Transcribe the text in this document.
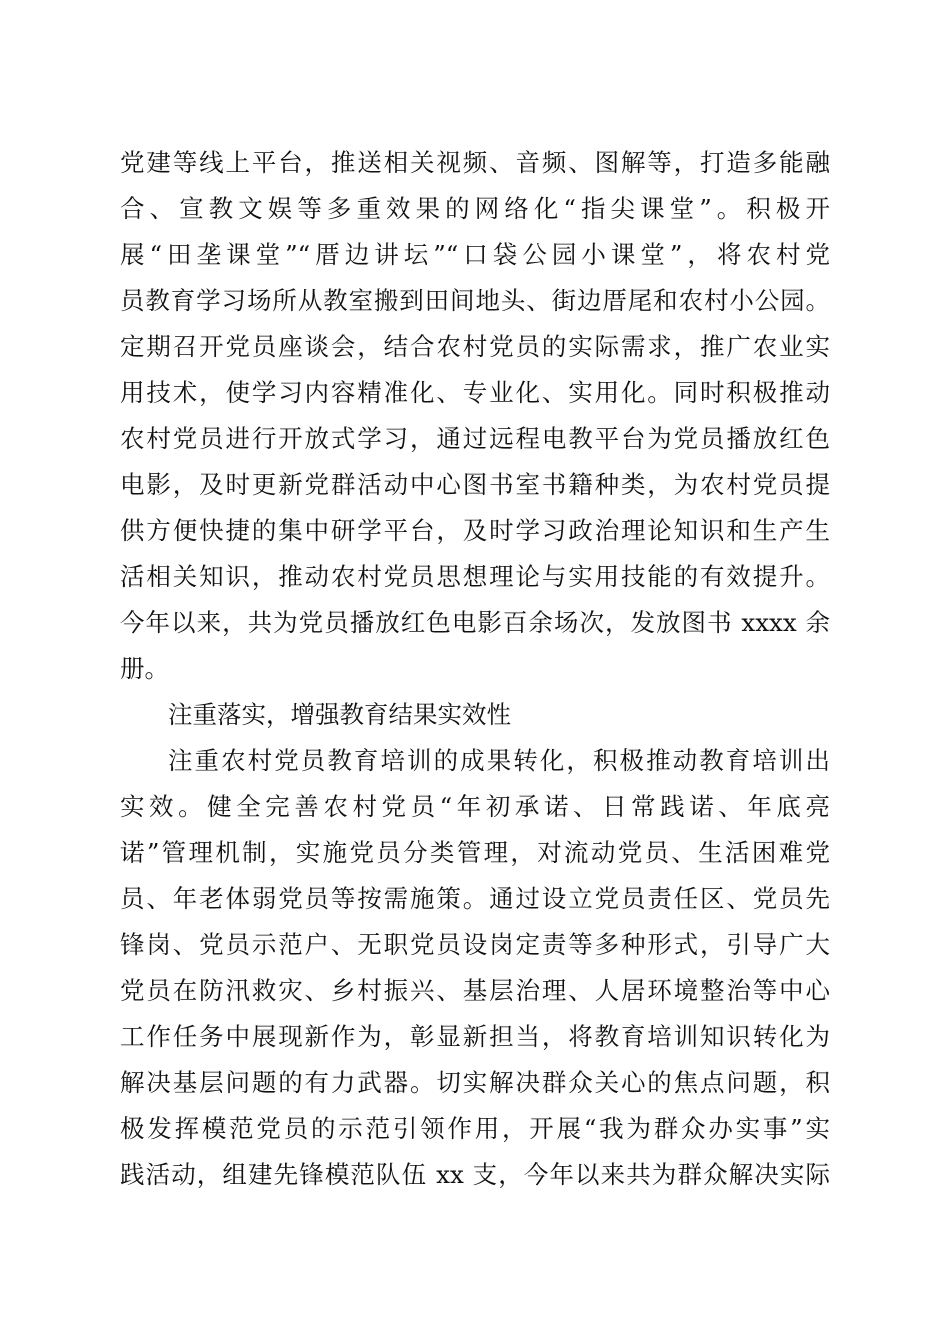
党建等线上平台，推送相关视频、音频、图解等，打造多能融
合、宣教文娱等多重效果的网络化“指尖课堂”。积极开
展“田垄课堂”“厝边讲坛”“口袋公园小课堂”，将农村党
员教育学习场所从教室搬到田间地头、街边厝尾和农村小公园。
定期召开党员座谈会，结合农村党员的实际需求，推广农业实
用技术，使学习内容精准化、专业化、实用化。同时积极推动
农村党员进行开放式学习，通过远程电教平台为党员播放红色
电影，及时更新党群活动中心图书室书籍种类，为农村党员提
供方便快捷的集中研学平台，及时学习政治理论知识和生产生
活相关知识，推动农村党员思想理论与实用技能的有效提升。
今年以来，共为党员播放红色电影百余场次，发放图书 xxxx 余
册。
注重落实，增强教育结果实效性
注重农村党员教育培训的成果转化，积极推动教育培训出
实效。健全完善农村党员“年初承诺、日常践诺、年底亮
诺”管理机制，实施党员分类管理，对流动党员、生活困难党
员、年老体弱党员等按需施策。通过设立党员责任区、党员先
锋岗、党员示范户、无职党员设岗定责等多种形式，引导广大
党员在防汛救灾、乡村振兴、基层治理、人居环境整治等中心
工作任务中展现新作为，彰显新担当，将教育培训知识转化为
解决基层问题的有力武器。切实解决群众关心的焦点问题，积
极发挥模范党员的示范引领作用，开展“我为群众办实事”实
践活动，组建先锋模范队伍 xx 支，今年以来共为群众解决实际
